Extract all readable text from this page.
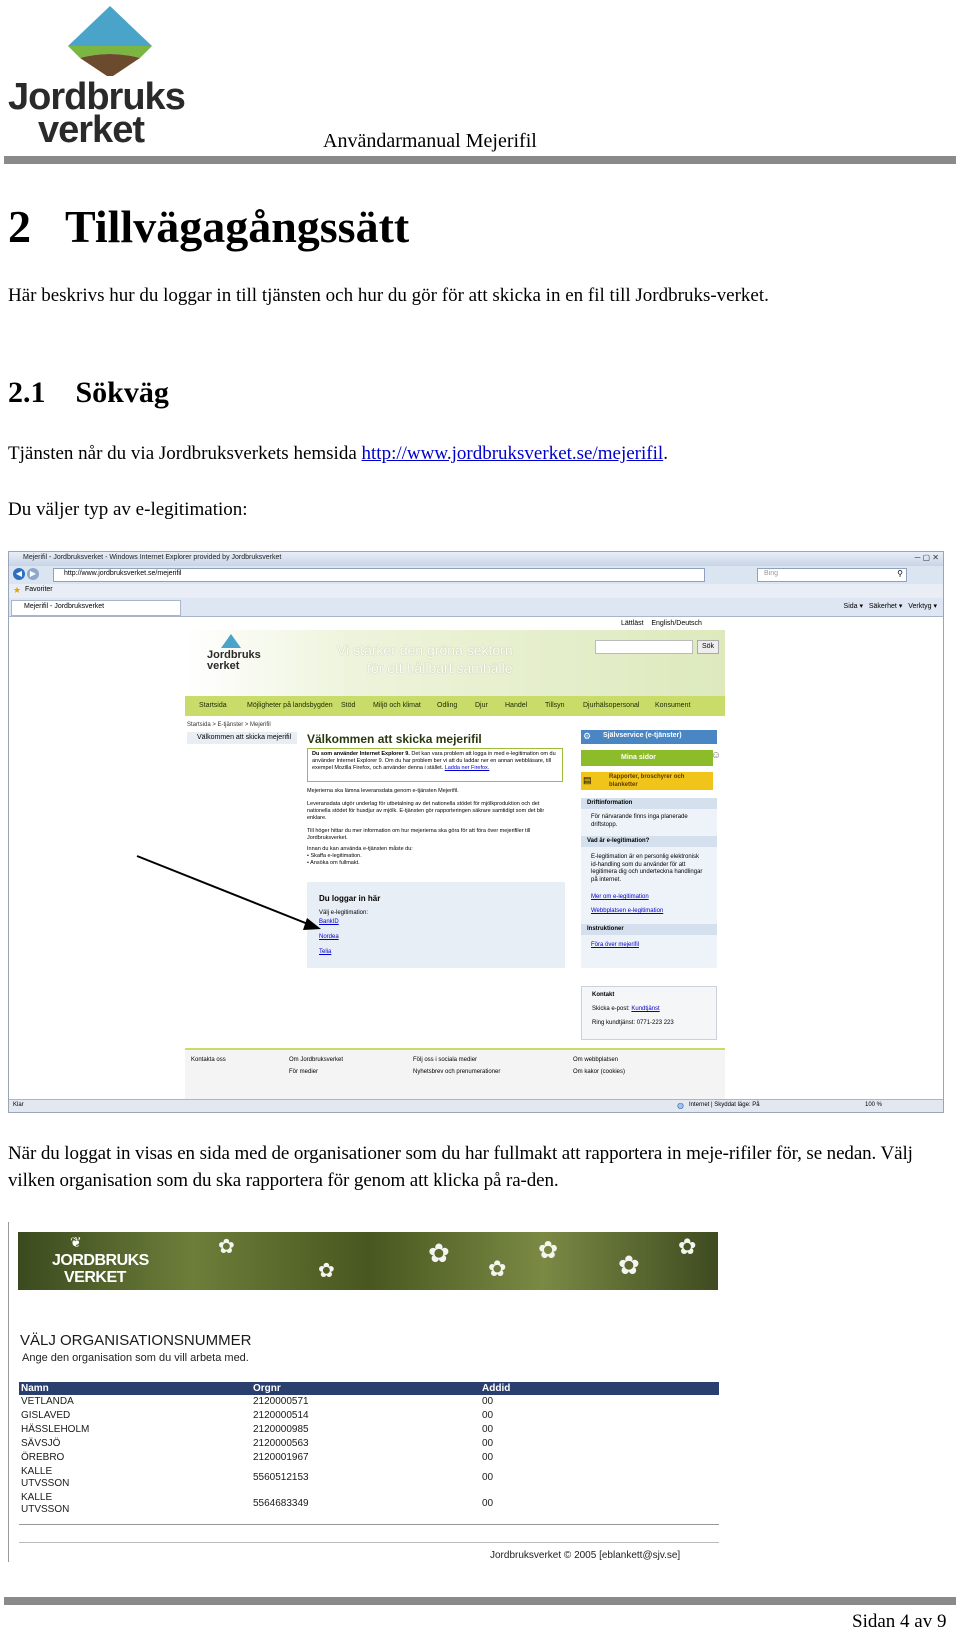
Jordbruks
verket	Användarmanual Mejerifil
2 Tillvägagångssätt
Här beskrivs hur du loggar in till tjänsten och hur du gör för att skicka in en fil till Jordbruks-verket.
2.1 Sökväg
Tjänsten når du via Jordbruksverkets hemsida http://www.jordbruksverket.se/mejerifil.
Du väljer typ av e-legitimation:
Mejerifil - Jordbruksverket - Windows Internet Explorer provided by Jordbruksverket	─ ▢ ✕
◀ ▶	http://www.jordbruksverket.se/mejerifil	Bing	⚲
★ Favoriter
Mejerifil - Jordbruksverket	Sida ▾ Säkerhet ▾ Verktyg ▾
Lättläst English/Deutsch
Jordbruks verket
Vi stärker den gröna sektorn
för ett hållbart samhälle
Sök
Startsida	Möjligheter på landsbygden Stöd	Miljö och klimat Odling	Djur Handel	Tillsyn	Djurhälsopersonal Konsument
Startsida > E-tjänster > Mejerifil
Välkommen att skicka mejerifil Välkommen att skicka mejerifil
Du som använder Internet Explorer 9. Det kan vara problem att logga in med e-legitimation om du använder Internet Explorer 9. Om du har problem ber vi att du laddar ner en annan webbläsare, till exempel Mozilla Firefox, och använder denna i stället. Ladda ner Firefox.
Mejerierna ska lämna leveransdata genom e-tjänsten Mejerifil.
Leveransdata utgör underlag för utbetalning av det nationella stödet för mjölkproduktion och det nationella stödet för husdjur av mjölk. E-tjänsten gör rapporteringen säkrare samtidigt som det blir enklare.
Till höger hittar du mer information om hur mejerierna ska göra för att föra över mejerifiler till Jordbruksverket.
Innan du kan använda e-tjänsten måste du:
• Skaffa e-legitimation.
• Ansöka om fullmakt.
Du loggar in här
Välj e-legitimation:
BankID
Nordea
Telia
⚙ Självservice (e-tjänster)
Mina sidor	☺
▤	Rapporter, broschyrer och blanketter
Driftinformation
För närvarande finns inga planerade driftstopp.
Vad är e-legitimation?
E-legitimation är en personlig elektronisk id-handling som du använder för att legitimera dig och underteckna handlingar på internet.
Mer om e-legitimation
Webbplatsen e-legitimation
Instruktioner
Föra över mejerifil
Kontakt
Skicka e-post: Kundtjänst
Ring kundtjänst: 0771-223 223
Kontakta oss	Om Jordbruksverket
För medier
Följ oss i sociala medier
Nyhetsbrev och prenumerationer
Om webbplatsen
Om kakor (cookies)
Klar	◍ Internet | Skyddat läge: På	100 %
När du loggat in visas en sida med de organisationer som du har fullmakt att rapportera in meje-rifiler för, se nedan. Välj vilken organisation som du ska rapportera för genom att klicka på ra-den.
✿
✿
✿ ✿
✿
✿
✿
❦
JORDBRUKS
VERKET
VÄLJ ORGANISATIONSNUMMER
Ange den organisation som du vill arbeta med.
Namn	Orgnr	Addid
VETLANDA	2120000571	00
GISLAVED	2120000514	00
HÄSSLEHOLM	2120000985	00
SÄVSJÖ	2120000563	00
ÖREBRO	2120001967	00
KALLE UTVSSON	5560512153	00
KALLE UTVSSON	5564683349	00
Jordbruksverket © 2005 [eblankett@sjv.se]
Sidan 4 av 9
